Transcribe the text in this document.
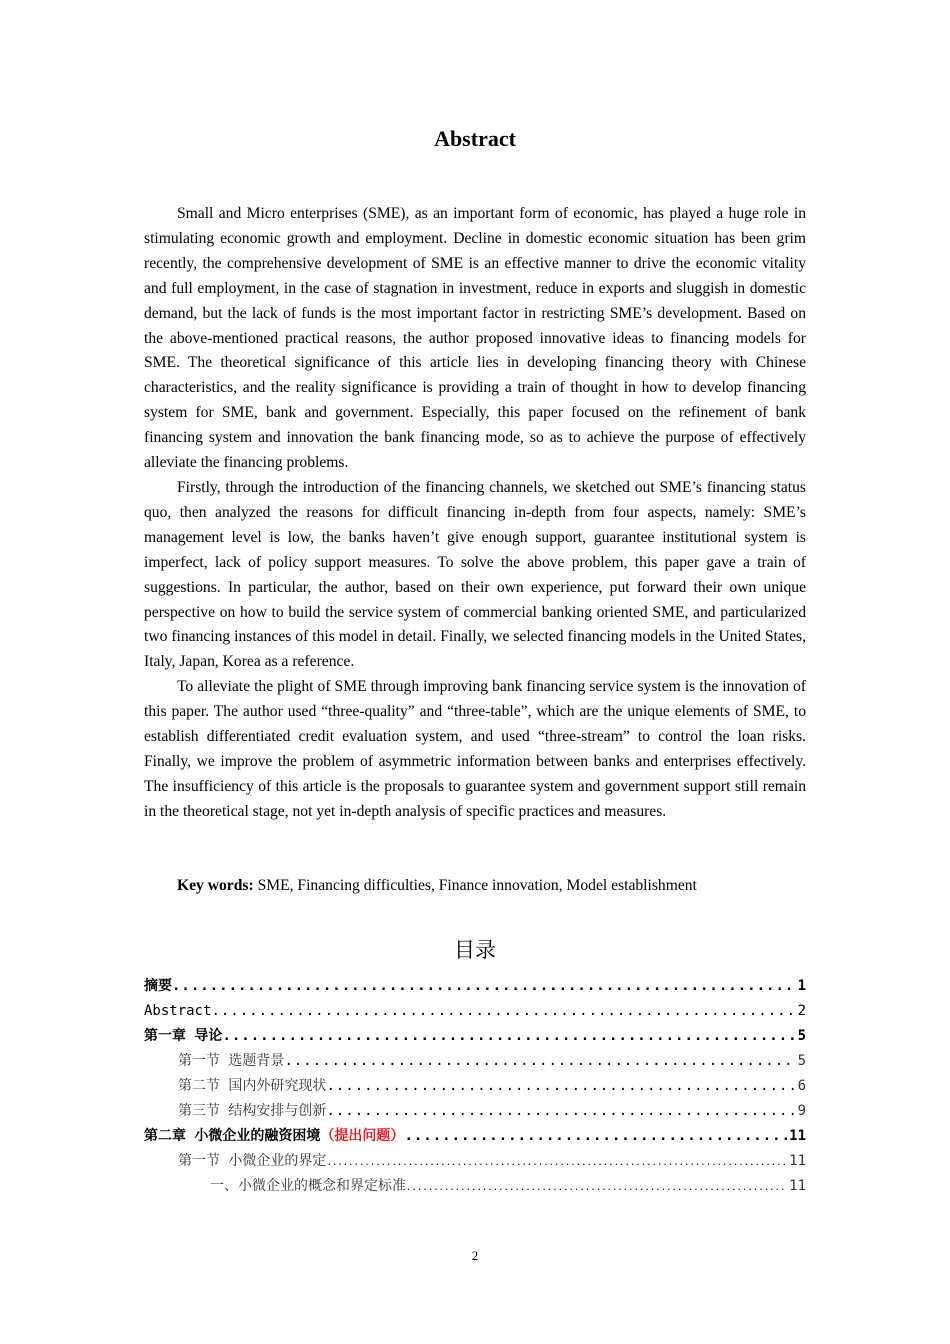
Abstract

Small and Micro enterprises (SME), as an important form of economic, has played a huge role in stimulating economic growth and employment. Decline in domestic economic situation has been grim recently, the comprehensive development of SME is an effective manner to drive the economic vitality and full employment, in the case of stagnation in investment, reduce in exports and sluggish in domestic demand, but the lack of funds is the most important factor in restricting SME’s development. Based on the above-mentioned practical reasons, the author proposed innovative ideas to financing models for SME. The theoretical significance of this article lies in developing financing theory with Chinese characteristics, and the reality significance is providing a train of thought in how to develop financing system for SME, bank and government. Especially, this paper focused on the refinement of bank financing system and innovation the bank financing mode, so as to achieve the purpose of effectively alleviate the financing problems.

Firstly, through the introduction of the financing channels, we sketched out SME’s financing status quo, then analyzed the reasons for difficult financing in-depth from four aspects, namely: SME’s management level is low, the banks haven’t give enough support, guarantee institutional system is imperfect, lack of policy support measures. To solve the above problem, this paper gave a train of suggestions. In particular, the author, based on their own experience, put forward their own unique perspective on how to build the service system of commercial banking oriented SME, and particularized two financing instances of this model in detail. Finally, we selected financing models in the United States, Italy, Japan, Korea as a reference.

To alleviate the plight of SME through improving bank financing service system is the innovation of this paper. The author used “three-quality” and “three-table”, which are the unique elements of SME, to establish differentiated credit evaluation system, and used “three-stream” to control the loan risks. Finally, we improve the problem of asymmetric information between banks and enterprises effectively. The insufficiency of this article is the proposals to guarantee system and government support still remain in the theoretical stage, not yet in-depth analysis of specific practices and measures.

Key words: SME, Financing difficulties, Finance innovation, Model establishment
目录
摘要 .....	1
Abstract .....	2
第一章 导论 .....	5
第一节 选题背景 .....	5
第二节 国内外研究现状 .....	6
第三节 结构安排与创新 .....	9
第二章 小微企业的融资困境（提出问题） .....	11
第一节 小微企业的界定 .....	11
一、小微企业的概念和界定标准 .....	11
2
